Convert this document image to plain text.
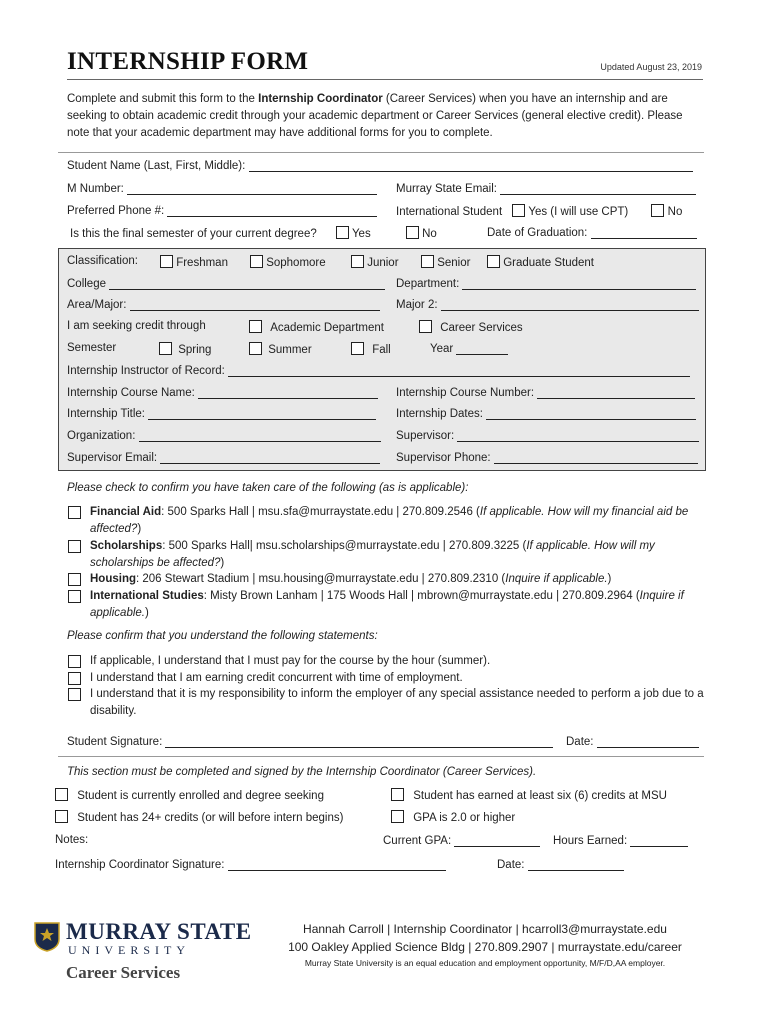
INTERNSHIP FORM	Updated August 23, 2019
Complete and submit this form to the Internship Coordinator (Career Services) when you have an internship and are seeking to obtain academic credit through your academic department or Career Services (general elective credit). Please note that your academic department may have additional forms for you to complete.
Student Name (Last, First, Middle):
M Number:	Murray State Email:
Preferred Phone #:	International Student Yes (I will use CPT)	No
Is this the final semester of your current degree?	Yes	No	Date of Graduation:
Classification:	Freshman	Sophomore	Junior	Senior	Graduate Student
College	Department:
Area/Major:	Major 2:
I am seeking credit through	Academic Department	Career Services
Semester	Spring	Summer	Fall	Year
Internship Instructor of Record:
Internship Course Name:	Internship Course Number:
Internship Title:	Internship Dates:
Organization:	Supervisor:
Supervisor Email:	Supervisor Phone:
Please check to confirm you have taken care of the following (as is applicable):
Financial Aid: 500 Sparks Hall | msu.sfa@murraystate.edu | 270.809.2546 (If applicable. How will my financial aid be affected?)
Scholarships: 500 Sparks Hall| msu.scholarships@murraystate.edu | 270.809.3225 (If applicable. How will my scholarships be affected?)
Housing: 206 Stewart Stadium | msu.housing@murraystate.edu | 270.809.2310 (Inquire if applicable.)
International Studies: Misty Brown Lanham | 175 Woods Hall | mbrown@murraystate.edu | 270.809.2964 (Inquire if applicable.)
Please confirm that you understand the following statements:
If applicable, I understand that I must pay for the course by the hour (summer).
I understand that I am earning credit concurrent with time of employment.
I understand that it is my responsibility to inform the employer of any special assistance needed to perform a job due to a disability.
Student Signature:	Date:
This section must be completed and signed by the Internship Coordinator (Career Services).
Student is currently enrolled and degree seeking	Student has earned at least six (6) credits at MSU
Student has 24+ credits (or will before intern begins)	GPA is 2.0 or higher
Notes:	Current GPA:	Hours Earned:
Internship Coordinator Signature:	Date:
MURRAY STATE
UNIVERSITY
Career Services
Hannah Carroll | Internship Coordinator | hcarroll3@murraystate.edu
100 Oakley Applied Science Bldg | 270.809.2907 | murraystate.edu/career
Murray State University is an equal education and employment opportunity, M/F/D,AA employer.
